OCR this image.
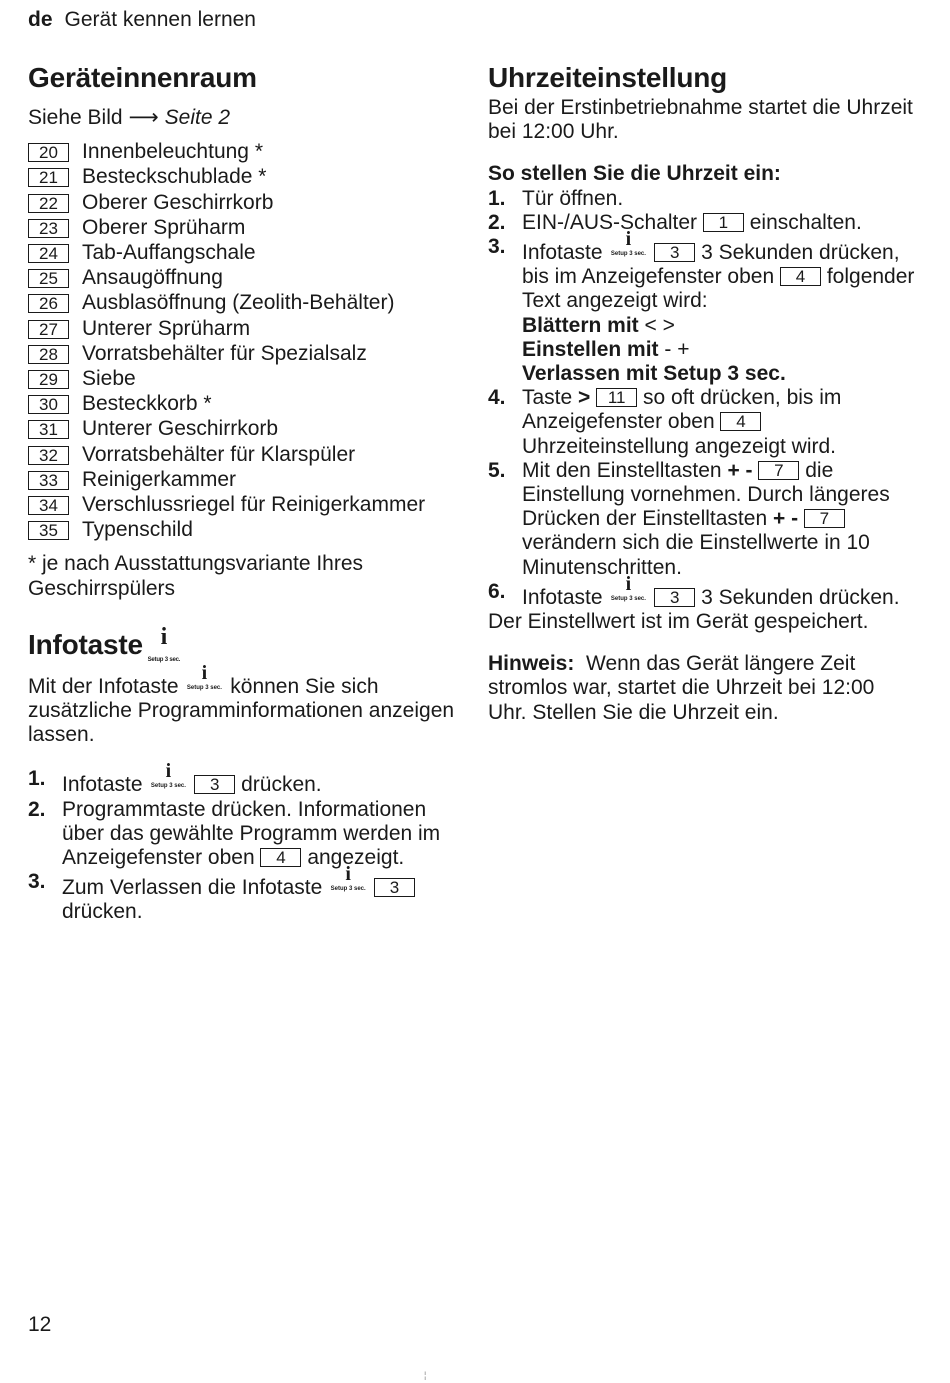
de Gerät kennen lernen
Geräteinnenraum

Siehe Bild ⟶ Seite 2

20	Innenbeleuchtung *
21	Besteckschublade *
22	Oberer Geschirrkorb
23	Oberer Sprüharm
24	Tab-Auffangschale
25	Ansaugöffnung
26	Ausblasöffnung (Zeolith-Behälter)
27	Unterer Sprüharm
28	Vorratsbehälter für Spezialsalz
29	Siebe
30	Besteckkorb *
31	Unterer Geschirrkorb
32	Vorratsbehälter für Klarspüler
33	Reinigerkammer
34	Verschlussriegel für Reinigerkammer
35	Typenschild

* je nach Ausstattungsvariante Ihres Geschirrspülers

Infotaste i
Setup 3 sec.

Mit der Infotaste
i
Setup 3 sec. können Sie sich zusätzliche Programminformationen anzeigen lassen.

1. Infotaste
i
Setup 3 sec. 3 drücken.
2. Programmtaste drücken. Informationen über das gewählte Programm werden im Anzeigefenster oben 4 angezeigt.
3. Zum Verlassen die Infotaste
i
Setup 3 sec. 3 drücken.
Uhrzeiteinstellung

Bei der Erstinbetriebnahme startet die Uhrzeit bei 12:00 Uhr.

So stellen Sie die Uhrzeit ein:

1. Tür öffnen.
2. EIN-/AUS-Schalter 1 einschalten.
3. Infotaste
i
Setup 3 sec. 3 3 Sekunden drücken, bis im Anzeigefenster oben 4 folgender Text angezeigt wird:
Blättern mit < >
Einstellen mit - +
Verlassen mit Setup 3 sec.
4. Taste > 11 so oft drücken, bis im Anzeigefenster oben 4 Uhrzeiteinstellung angezeigt wird.
5. Mit den Einstelltasten + - 7 die Einstellung vornehmen. Durch längeres Drücken der Einstelltasten + - 7 verändern sich die Einstellwerte in 10 Minutenschritten.
6. Infotaste
i
Setup 3 sec. 3 3 Sekunden drücken.

Der Einstellwert ist im Gerät gespeichert.

Hinweis: Wenn das Gerät längere Zeit stromlos war, startet die Uhrzeit bei 12:00 Uhr. Stellen Sie die Uhrzeit ein.

12
¦
